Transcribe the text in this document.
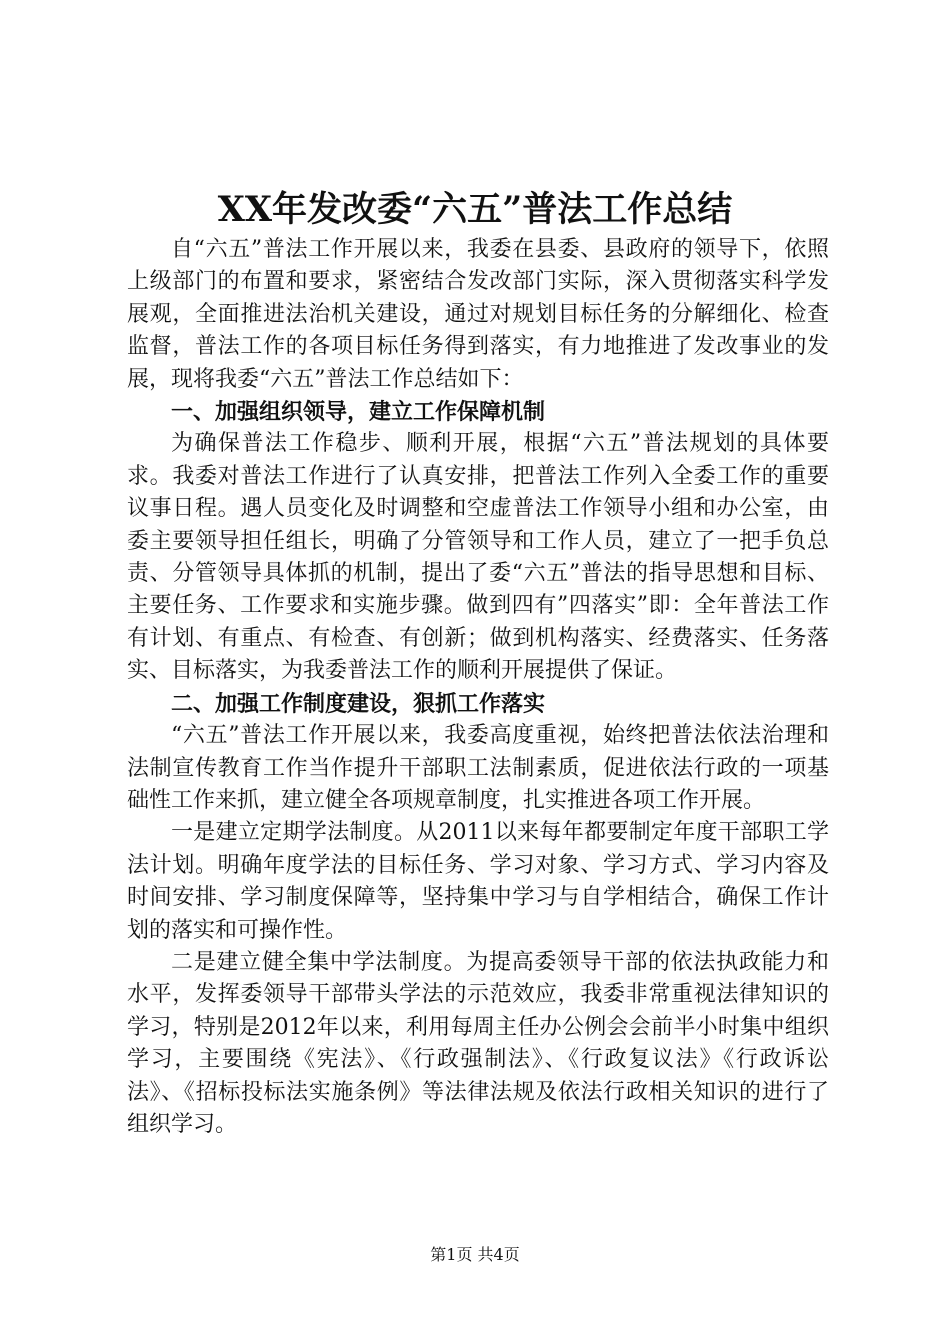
XX年发改委“六五”普法工作总结

自“六五”普法工作开展以来，我委在县委、县政府的领导下，依照上级部门的布置和要求，紧密结合发改部门实际，深入贯彻落实科学发展观，全面推进法治机关建设，通过对规划目标任务的分解细化、检查监督，普法工作的各项目标任务得到落实，有力地推进了发改事业的发展，现将我委“六五”普法工作总结如下：

一、加强组织领导，建立工作保障机制

为确保普法工作稳步、顺利开展，根据“六五”普法规划的具体要求。我委对普法工作进行了认真安排，把普法工作列入全委工作的重要议事日程。遇人员变化及时调整和空虚普法工作领导小组和办公室，由委主要领导担任组长，明确了分管领导和工作人员，建立了一把手负总责、分管领导具体抓的机制，提出了委“六五”普法的指导思想和目标、主要任务、工作要求和实施步骤。做到四有”四落实”即：全年普法工作有计划、有重点、有检查、有创新；做到机构落实、经费落实、任务落实、目标落实，为我委普法工作的顺利开展提供了保证。

二、加强工作制度建设，狠抓工作落实

“六五”普法工作开展以来，我委高度重视，始终把普法依法治理和法制宣传教育工作当作提升干部职工法制素质，促进依法行政的一项基础性工作来抓，建立健全各项规章制度，扎实推进各项工作开展。

一是建立定期学法制度。从2011以来每年都要制定年度干部职工学法计划。明确年度学法的目标任务、学习对象、学习方式、学习内容及时间安排、学习制度保障等，坚持集中学习与自学相结合，确保工作计划的落实和可操作性。

二是建立健全集中学法制度。为提高委领导干部的依法执政能力和水平，发挥委领导干部带头学法的示范效应，我委非常重视法律知识的学习，特别是2012年以来，利用每周主任办公例会会前半小时集中组织学习，主要围绕《宪法》、《行政强制法》、《行政复议法》《行政诉讼法》、《招标投标法实施条例》等法律法规及依法行政相关知识的进行了组织学习。

第1页 共4页
